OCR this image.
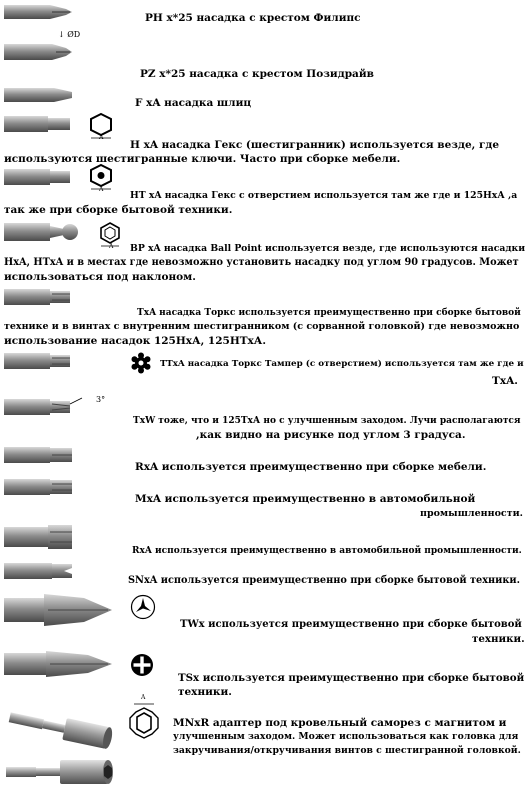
PH x*25 насадка с крестом Филипс
↓ ØD
PZ x*25 насадка с крестом Позидрайв
F xA насадка шлиц
A
H xA насадка Гекс (шестигранник) используется везде, где
используются шестигранные ключи. Часто при сборке мебели.
A
HT xA насадка Гекс с отверстием используется там же где и 125НхА ,а
так же при сборке бытовой техники.
A BP xA насадка Ball Point используется везде, где используются насадки
HxA, HTxA и в местах где невозможно установить насадку под углом 90 градусов. Может
использоваться под наклоном.
TxA насадка Торкс используется преимущественно при сборке бытовой
технике и в винтах с внутренним шестигранником (с сорванной головкой) где невозможно
использование насадок 125НхА, 125НТхА.
TTxA насадка Торкс Тампер (с отверстием) используется там же где и
TxA.
3°
TxW тоже, что и 125ТхА но с улучшенным заходом. Лучи располагаются
,как видно на рисунке под углом 3 градуса.
RxA используется преимущественно при сборке мебели.
MxA используется преимущественно в автомобильной
промышленности.
RxA используется преимущественно в автомобильной промышленности.
SNxA используется преимущественно при сборке бытовой техники.
TWx используется преимущественно при сборке бытовой
техники.
TSx используется преимущественно при сборке бытовой
техники.
A
MNxR адаптер под кровельный саморез с магнитом и
улучшенным заходом. Может использоваться как головка для
закручивания/откручивания винтов с шестигранной головкой.
